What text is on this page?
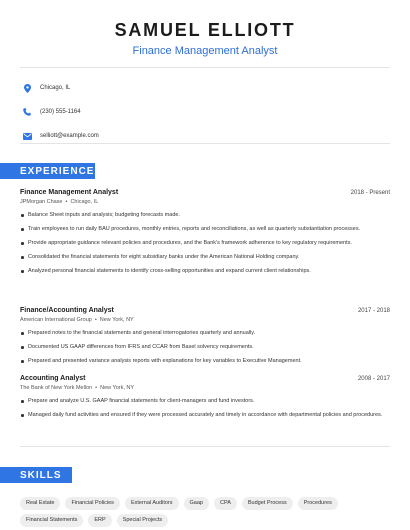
SAMUEL ELLIOTT
Finance Management Analyst
Chicago, IL
(230) 555-1164
selliott@example.com
EXPERIENCE
Finance Management Analyst	2018 - Present
JPMorgan Chase • Chicago, IL
Balance Sheet inputs and analysis; budgeting forecasts made.
Train employees to run daily BAU procedures, monthly entries, reports and reconciliations, as well as quarterly substantiation processes.
Provide appropriate guidance relevant policies and procedures, and the Bank's framework adherence to key regulatory requirements.
Consolidated the financial statements for eight subsidiary banks under the American National Holding company.
Analyzed personal financial statements to identify cross-selling opportunities and expand current client relationships.
Finance/Accounting Analyst	2017 - 2018
American International Group • New York, NY
Prepared notes to the financial statements and general interrogatories quarterly and annually.
Documented US GAAP differences from IFRS and CCAR from Basel solvency requirements.
Prepared and presented variance analysis reports with explanations for key variables to Executive Management.
Accounting Analyst	2008 - 2017
The Bank of New York Mellon • New York, NY
Prepare and analyze U.S. GAAP financial statements for client-managers and fund investors.
Managed daily fund activities and ensured if they were processed accurately and timely in accordance with departmental policies and procedures.
SKILLS
Real Estate	Financial Policies	External Auditors	Gaap	CPA	Budget Process	Procedures
Financial Statements	ERP	Special Projects
